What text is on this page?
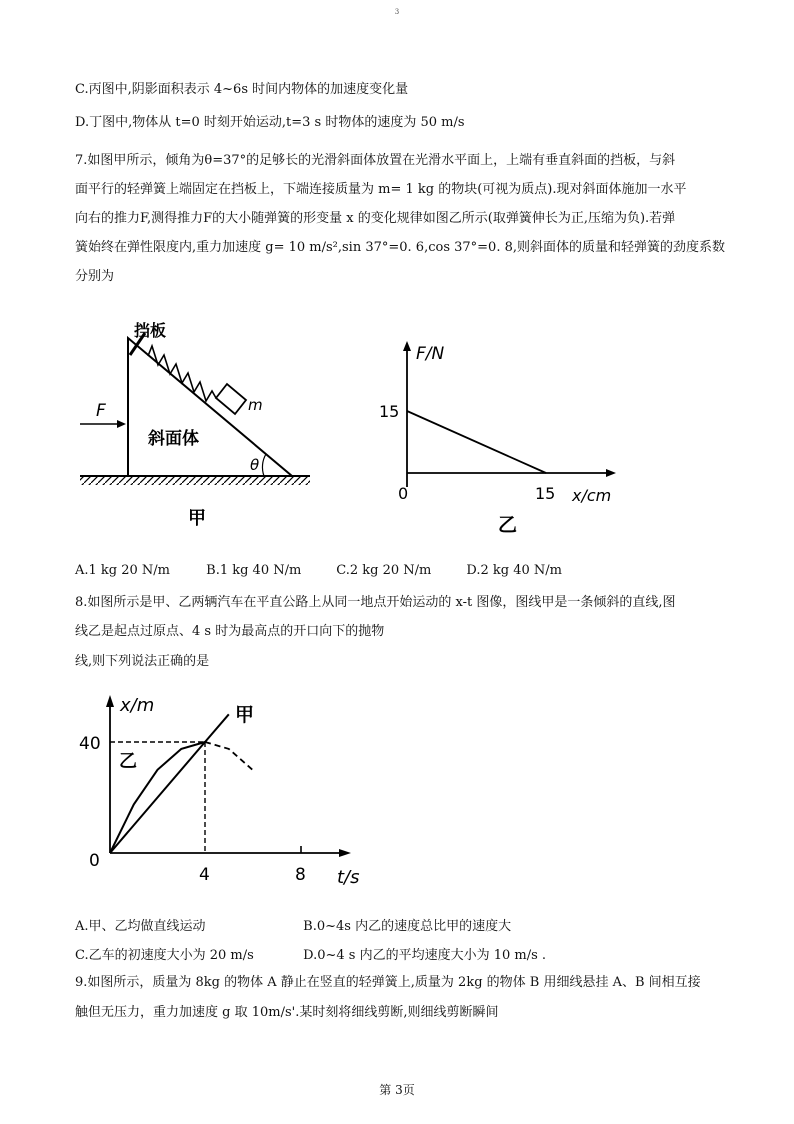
3
C.丙图中,阴影面积表示 4~6s 时间内物体的加速度变化量
D.丁图中,物体从 t=0 时刻开始运动,t=3 s 时物体的速度为 50 m/s

7.如图甲所示，倾角为θ=37°的足够长的光滑斜面体放置在光滑水平面上，上端有垂直斜面的挡板，与斜

面平行的轻弹簧上端固定在挡板上，下端连接质量为 m= 1 kg 的物块(可视为质点).现对斜面体施加一水平

向右的推力F,测得推力F的大小随弹簧的形变量 x 的变化规律如图乙所示(取弹簧伸长为正,压缩为负).若弹

簧始终在弹性限度内,重力加速度 g= 10 m/s²,sin 37°=0. 6,cos 37°=0. 8,则斜面体的质量和轻弹簧的劲度系数

分别为

m
挡板
F
斜面体
θ
甲
F/N
15
0	15 x/cm
乙
A.1 kg 20 N/m	B.1 kg 40 N/m	C.2 kg 20 N/m	D.2 kg 40 N/m
8.如图所示是甲、乙两辆汽车在平直公路上从同一地点开始运动的 x-t 图像，图线甲是一条倾斜的直线,图
线乙是起点过原点、4 s 时为最高点的开口向下的抛物
线,则下列说法正确的是
x/m
40
0
4	8 t/s
甲
乙
A.甲、乙均做直线运动	B.0~4s 内乙的速度总比甲的速度大
C.乙车的初速度大小为 20 m/s	D.0~4 s 内乙的平均速度大小为 10 m/s .
9.如图所示，质量为 8kg 的物体 A 静止在竖直的轻弹簧上,质量为 2kg 的物体 B 用细线悬挂 A、B 间相互接
触但无压力，重力加速度 g 取 10m/s'.某时刻将细线剪断,则细线剪断瞬间
第 3页
